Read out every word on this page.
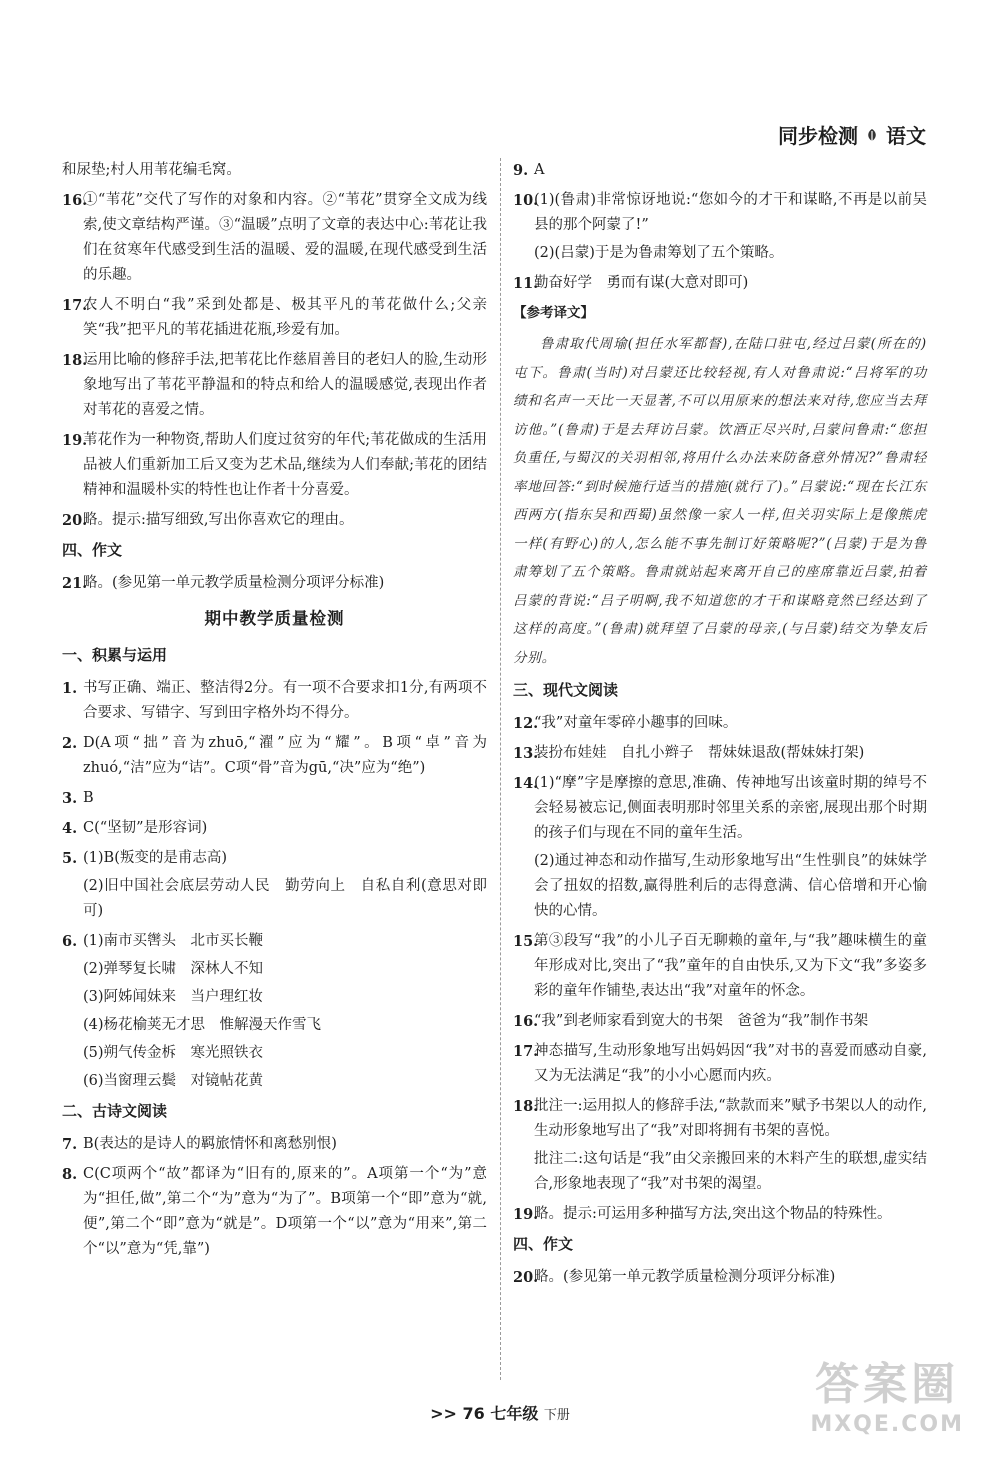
同步检测 语文

和尿垫;村人用苇花编毛窝。

16.
①“苇花”交代了写作的对象和内容。②“苇花”贯穿全文成为线索,使文章结构严谨。③“温暖”点明了文章的表达中心:苇花让我们在贫寒年代感受到生活的温暖、爱的温暖,在现代感受到生活的乐趣。

17.
农人不明白“我”采到处都是、极其平凡的苇花做什么;父亲笑“我”把平凡的苇花插进花瓶,珍爱有加。

18.
运用比喻的修辞手法,把苇花比作慈眉善目的老妇人的脸,生动形象地写出了苇花平静温和的特点和给人的温暖感觉,表现出作者对苇花的喜爱之情。

19.
苇花作为一种物资,帮助人们度过贫穷的年代;苇花做成的生活用品被人们重新加工后又变为艺术品,继续为人们奉献;苇花的团结精神和温暖朴实的特性也让作者十分喜爱。

20.
略。提示:描写细致,写出你喜欢它的理由。

四、作文

21.
略。(参见第一单元教学质量检测分项评分标准)

期中教学质量检测
一、积累与运用

1. 书写正确、端正、整洁得2分。有一项不合要求扣1分,有两项不合要求、写错字、写到田字格外均不得分。

2. D(A项“拙”音为zhuō,“濯”应为“耀”。B项“卓”音为zhuó,“洁”应为“诘”。C项“骨”音为gū,“决”应为“绝”)

3. B

4. C(“坚韧”是形容词)

5. (1)B(叛变的是甫志高)

(2)旧中国社会底层劳动人民　勤劳向上　自私自利(意思对即可)

6. (1)南市买辔头　北市买长鞭

(2)弹琴复长啸　深林人不知

(3)阿姊闻妹来　当户理红妆

(4)杨花榆荚无才思　惟解漫天作雪飞

(5)朔气传金柝　寒光照铁衣

(6)当窗理云鬓　对镜帖花黄

二、古诗文阅读

7. B(表达的是诗人的羁旅情怀和离愁别恨)

8. C(C项两个“故”都译为“旧有的,原来的”。A项第一个“为”意为“担任,做”,第二个“为”意为“为了”。B项第一个“即”意为“就,便”,第二个“即”意为“就是”。D项第一个“以”意为“用来”,第二个“以”意为“凭,靠”)

9. A

10.
(1)(鲁肃)非常惊讶地说:“您如今的才干和谋略,不再是以前吴县的那个阿蒙了!”

(2)(吕蒙)于是为鲁肃筹划了五个策略。

11.
勤奋好学　勇而有谋(大意对即可)

【参考译文】

鲁肃取代周瑜(担任水军都督),在陆口驻屯,经过吕蒙(所在的)屯下。鲁肃(当时)对吕蒙还比较轻视,有人对鲁肃说:“吕将军的功绩和名声一天比一天显著,不可以用原来的想法来对待,您应当去拜访他。”(鲁肃)于是去拜访吕蒙。饮酒正尽兴时,吕蒙问鲁肃:“您担负重任,与蜀汉的关羽相邻,将用什么办法来防备意外情况?”鲁肃轻率地回答:“到时候施行适当的措施(就行了)。”吕蒙说:“现在长江东西两方(指东吴和西蜀)虽然像一家人一样,但关羽实际上是像熊虎一样(有野心)的人,怎么能不事先制订好策略呢?”(吕蒙)于是为鲁肃筹划了五个策略。鲁肃就站起来离开自己的座席靠近吕蒙,拍着吕蒙的背说:“吕子明啊,我不知道您的才干和谋略竟然已经达到了这样的高度。”(鲁肃)就拜望了吕蒙的母亲,(与吕蒙)结交为挚友后分别。

三、现代文阅读

12.
“我”对童年零碎小趣事的回味。

13.
装扮布娃娃　自扎小辫子　帮妹妹退敌(帮妹妹打架)

14.
(1)“摩”字是摩擦的意思,准确、传神地写出该童时期的绰号不会轻易被忘记,侧面表明那时邻里关系的亲密,展现出那个时期的孩子们与现在不同的童年生活。

(2)通过神态和动作描写,生动形象地写出“生性驯良”的妹妹学会了扭奴的招数,赢得胜利后的志得意满、信心倍增和开心愉快的心情。

15.
第③段写“我”的小儿子百无聊赖的童年,与“我”趣味横生的童年形成对比,突出了“我”童年的自由快乐,又为下文“我”多姿多彩的童年作铺垫,表达出“我”对童年的怀念。

16.
“我”到老师家看到宽大的书架　爸爸为“我”制作书架

17.
神态描写,生动形象地写出妈妈因“我”对书的喜爱而感动自豪,又为无法满足“我”的小小心愿而内疚。

18.
批注一:运用拟人的修辞手法,“款款而来”赋予书架以人的动作,生动形象地写出了“我”对即将拥有书架的喜悦。

批注二:这句话是“我”由父亲搬回来的木料产生的联想,虚实结合,形象地表现了“我”对书架的渴望。

19.
略。提示:可运用多种描写方法,突出这个物品的特殊性。

四、作文

20.
略。(参见第一单元教学质量检测分项评分标准)

>> 76 七年级 下册
答案圈
MXQE.COM
